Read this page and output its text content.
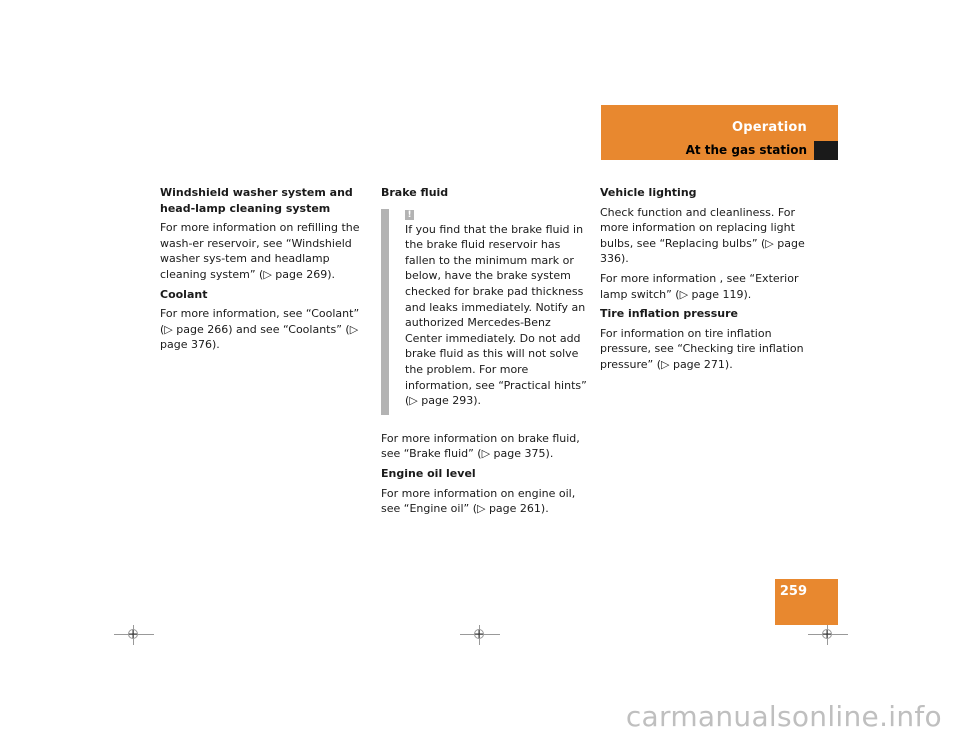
Operation
At the gas station
Windshield washer system and head-lamp cleaning system
For more information on refilling the wash-er reservoir, see “Windshield washer sys-tem and headlamp cleaning system” (▷ page 269).
Coolant
For more information, see “Coolant” (▷ page 266) and see “Coolants” (▷ page 376).
Brake fluid
!
If you find that the brake fluid in the brake fluid reservoir has fallen to the minimum mark or below, have the brake system checked for brake pad thickness and leaks immediately. Notify an authorized Mercedes-Benz Center immediately. Do not add brake fluid as this will not solve the problem. For more information, see “Practical hints” (▷ page 293).
For more information on brake fluid, see “Brake fluid” (▷ page 375).
Engine oil level
For more information on engine oil, see “Engine oil” (▷ page 261).
Vehicle lighting
Check function and cleanliness. For more information on replacing light bulbs, see “Replacing bulbs” (▷ page 336).
For more information , see “Exterior lamp switch” (▷ page 119).
Tire inflation pressure
For information on tire inflation pressure, see “Checking tire inflation pressure” (▷ page 271).
259
carmanualsonline.info
